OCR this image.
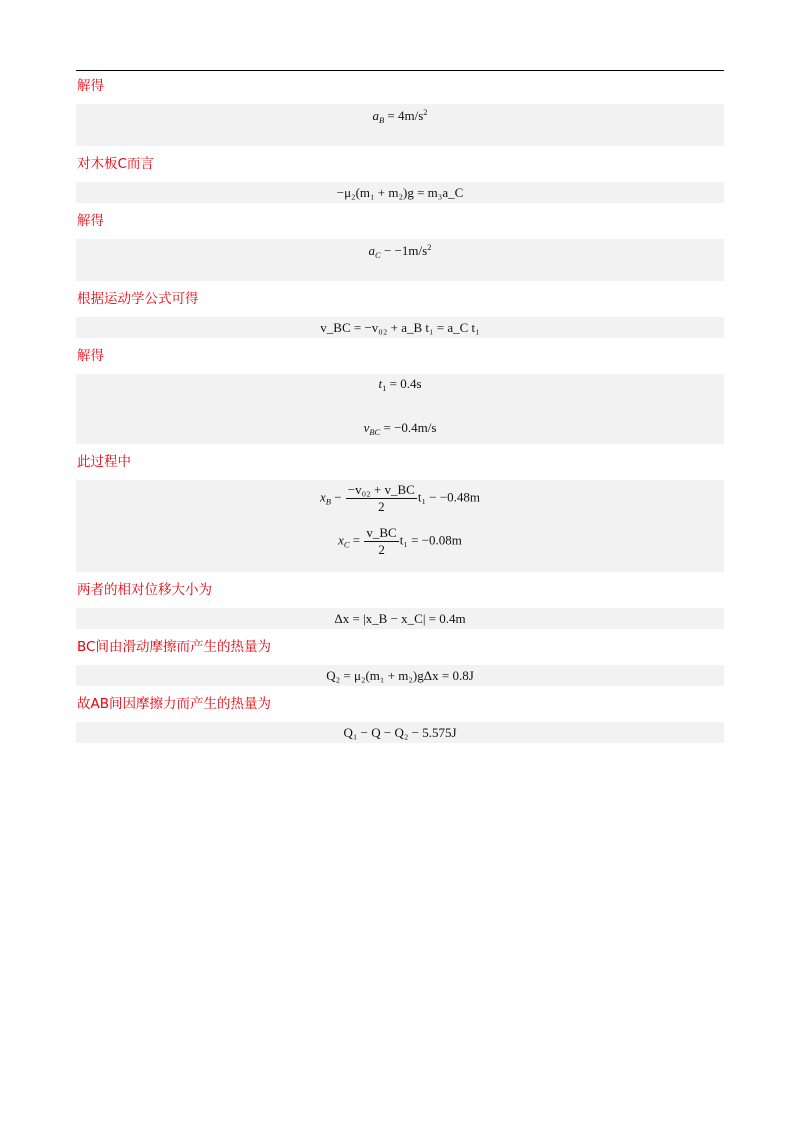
解得
$a_B = 4m/s^2$
对木板C而言
−μ₂(m₁ + m₂)g = m₃a_C
解得
$a_C - -1m/s^2$
根据运动学公式可得
v_BC = −v₀₂ + a_B t₁ = a_C t₁
解得
$t_1 = 0.4s$
$v_{BC} = -0.4m/s$
此过程中
$x_B - \frac{\text{−v₀₂ + v\_BC}}{2} t_1 - -0.48m$
$x_C = \frac{v\_BC}{2} t_1 = -0.08m$
两者的相对位移大小为
Δx = |x_B − x_C| = 0.4m
BC间由滑动摩擦而产生的热量为
Q₂ = μ₂(m₁ + m₂)gΔx = 0.8J
故AB间因摩擦力而产生的热量为
Q₁ − Q − Q₂ − 5.575J
